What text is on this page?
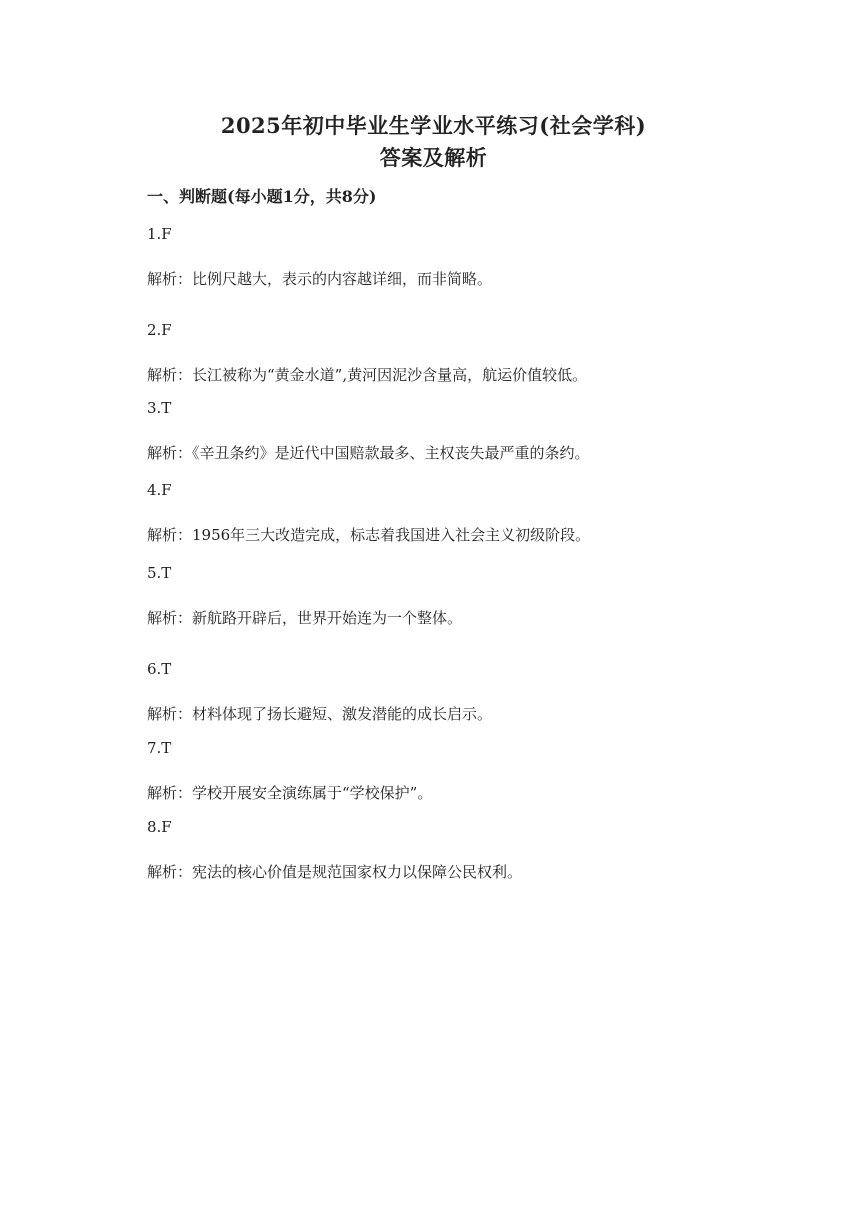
2025年初中毕业生学业水平练习(社会学科)
答案及解析
一、判断题(每小题1分，共8分)
1.F
解析：比例尺越大，表示的内容越详细，而非简略。
2.F
解析：长江被称为“黄金水道”,黄河因泥沙含量高，航运价值较低。
3.T
解析：《辛丑条约》是近代中国赔款最多、主权丧失最严重的条约。
4.F
解析：1956年三大改造完成，标志着我国进入社会主义初级阶段。
5.T
解析：新航路开辟后，世界开始连为一个整体。
6.T
解析：材料体现了扬长避短、激发潜能的成长启示。
7.T
解析：学校开展安全演练属于“学校保护”。
8.F
解析：宪法的核心价值是规范国家权力以保障公民权利。
